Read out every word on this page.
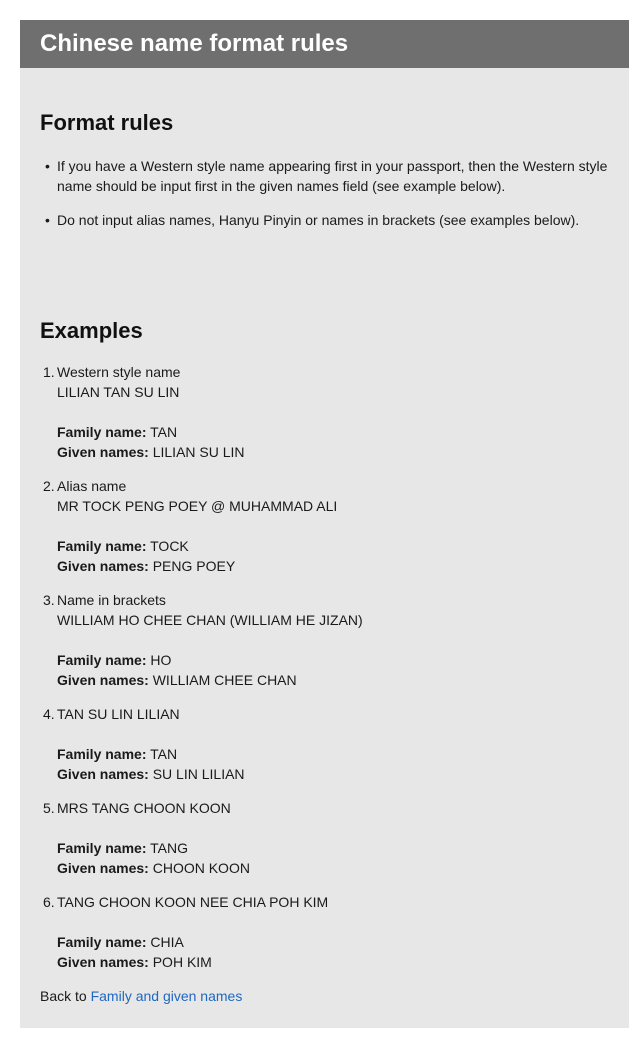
Chinese name format rules
Format rules
• If you have a Western style name appearing first in your passport, then the Western style name should be input first in the given names field (see example below).
• Do not input alias names, Hanyu Pinyin or names in brackets (see examples below).
Examples
1. Western style name
LILIAN TAN SU LIN
Family name: TAN
Given names: LILIAN SU LIN
2. Alias name
MR TOCK PENG POEY @ MUHAMMAD ALI
Family name: TOCK
Given names: PENG POEY
3. Name in brackets
WILLIAM HO CHEE CHAN (WILLIAM HE JIZAN)
Family name: HO
Given names: WILLIAM CHEE CHAN
4. TAN SU LIN LILIAN
Family name: TAN
Given names: SU LIN LILIAN
5. MRS TANG CHOON KOON
Family name: TANG
Given names: CHOON KOON
6. TANG CHOON KOON NEE CHIA POH KIM
Family name: CHIA
Given names: POH KIM
Back to Family and given names
